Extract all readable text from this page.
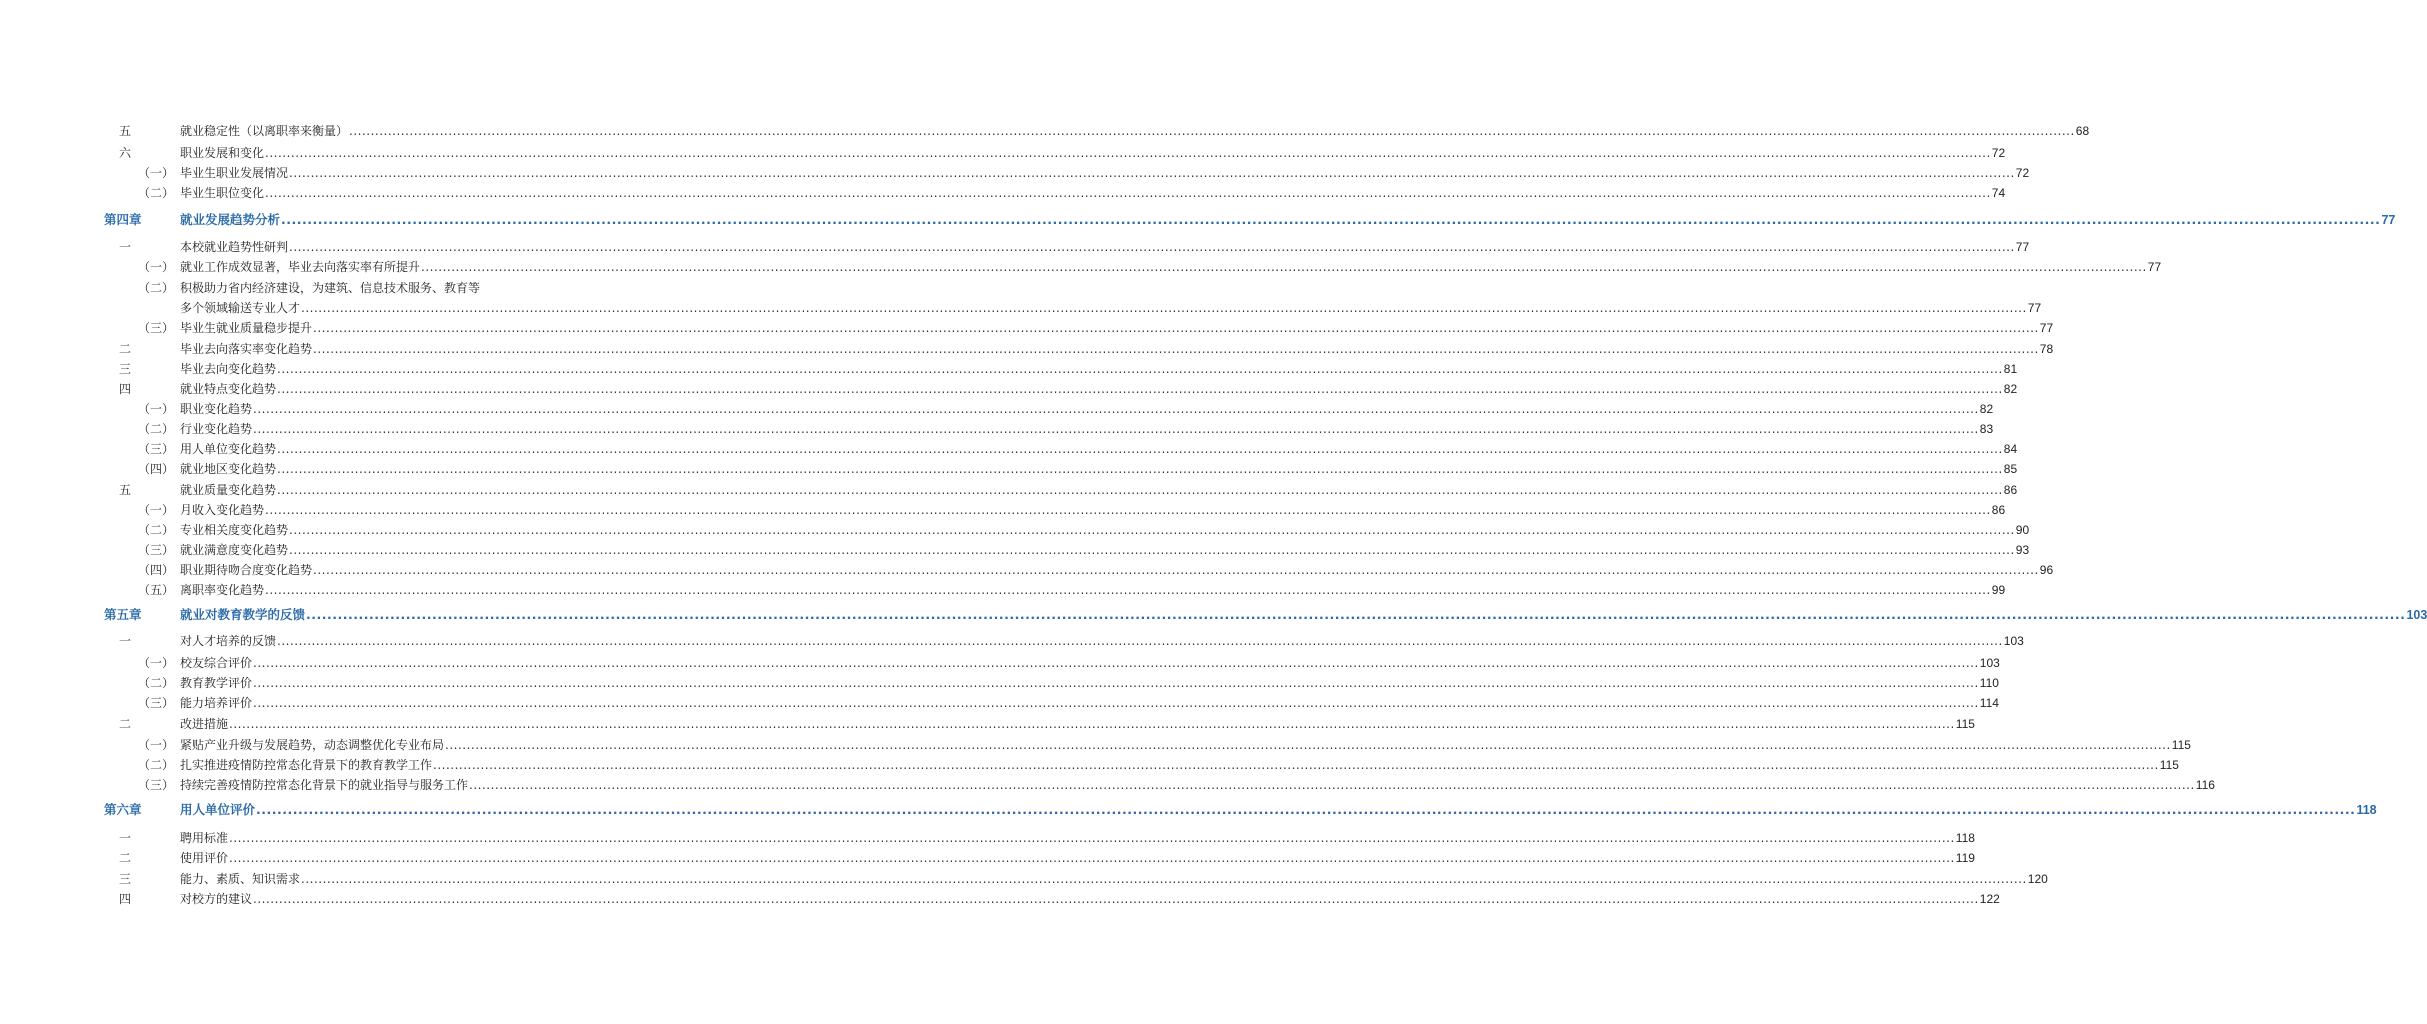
五	就业稳定性（以离职率来衡量） ................................................................................................................................................................................................................................................................................................................................................................................................................ 68
六	职业发展和变化 ................................................................................................................................................................................................................................................................................................................................................................................................................ 72
（一） 毕业生职业发展情况 ................................................................................................................................................................................................................................................................................................................................................................................................................ 72
（二） 毕业生职位变化 ................................................................................................................................................................................................................................................................................................................................................................................................................ 74
第四章	就业发展趋势分析 ................................................................................................................................................................................................................................................................................................................................................................................................................ 77
一	本校就业趋势性研判 ................................................................................................................................................................................................................................................................................................................................................................................................................ 77
（一） 就业工作成效显著，毕业去向落实率有所提升 ................................................................................................................................................................................................................................................................................................................................................................................................................ 77
（二） 积极助力省内经济建设，为建筑、信息技术服务、教育等
多个领域输送专业人才 ................................................................................................................................................................................................................................................................................................................................................................................................................ 77
（三） 毕业生就业质量稳步提升 ................................................................................................................................................................................................................................................................................................................................................................................................................ 77
二	毕业去向落实率变化趋势 ................................................................................................................................................................................................................................................................................................................................................................................................................ 78
三	毕业去向变化趋势 ................................................................................................................................................................................................................................................................................................................................................................................................................ 81
四	就业特点变化趋势 ................................................................................................................................................................................................................................................................................................................................................................................................................ 82
（一） 职业变化趋势 ................................................................................................................................................................................................................................................................................................................................................................................................................ 82
（二） 行业变化趋势 ................................................................................................................................................................................................................................................................................................................................................................................................................ 83
（三） 用人单位变化趋势 ................................................................................................................................................................................................................................................................................................................................................................................................................ 84
（四） 就业地区变化趋势 ................................................................................................................................................................................................................................................................................................................................................................................................................ 85
五	就业质量变化趋势 ................................................................................................................................................................................................................................................................................................................................................................................................................ 86
（一） 月收入变化趋势 ................................................................................................................................................................................................................................................................................................................................................................................................................ 86
（二） 专业相关度变化趋势 ................................................................................................................................................................................................................................................................................................................................................................................................................ 90
（三） 就业满意度变化趋势 ................................................................................................................................................................................................................................................................................................................................................................................................................ 93
（四） 职业期待吻合度变化趋势 ................................................................................................................................................................................................................................................................................................................................................................................................................ 96
（五） 离职率变化趋势 ................................................................................................................................................................................................................................................................................................................................................................................................................ 99
第五章	就业对教育教学的反馈 ................................................................................................................................................................................................................................................................................................................................................................................................................ 103
一	对人才培养的反馈 ................................................................................................................................................................................................................................................................................................................................................................................................................ 103
（一） 校友综合评价 ................................................................................................................................................................................................................................................................................................................................................................................................................ 103
（二） 教育教学评价 ................................................................................................................................................................................................................................................................................................................................................................................................................ 110
（三） 能力培养评价 ................................................................................................................................................................................................................................................................................................................................................................................................................ 114
二	改进措施 ................................................................................................................................................................................................................................................................................................................................................................................................................ 115
（一） 紧贴产业升级与发展趋势，动态调整优化专业布局 ................................................................................................................................................................................................................................................................................................................................................................................................................ 115
（二） 扎实推进疫情防控常态化背景下的教育教学工作 ................................................................................................................................................................................................................................................................................................................................................................................................................ 115
（三） 持续完善疫情防控常态化背景下的就业指导与服务工作 ................................................................................................................................................................................................................................................................................................................................................................................................................ 116
第六章	用人单位评价 ................................................................................................................................................................................................................................................................................................................................................................................................................ 118
一	聘用标准 ................................................................................................................................................................................................................................................................................................................................................................................................................ 118
二	使用评价 ................................................................................................................................................................................................................................................................................................................................................................................................................ 119
三	能力、素质、知识需求 ................................................................................................................................................................................................................................................................................................................................................................................................................ 120
四	对校方的建议 ................................................................................................................................................................................................................................................................................................................................................................................................................ 122
